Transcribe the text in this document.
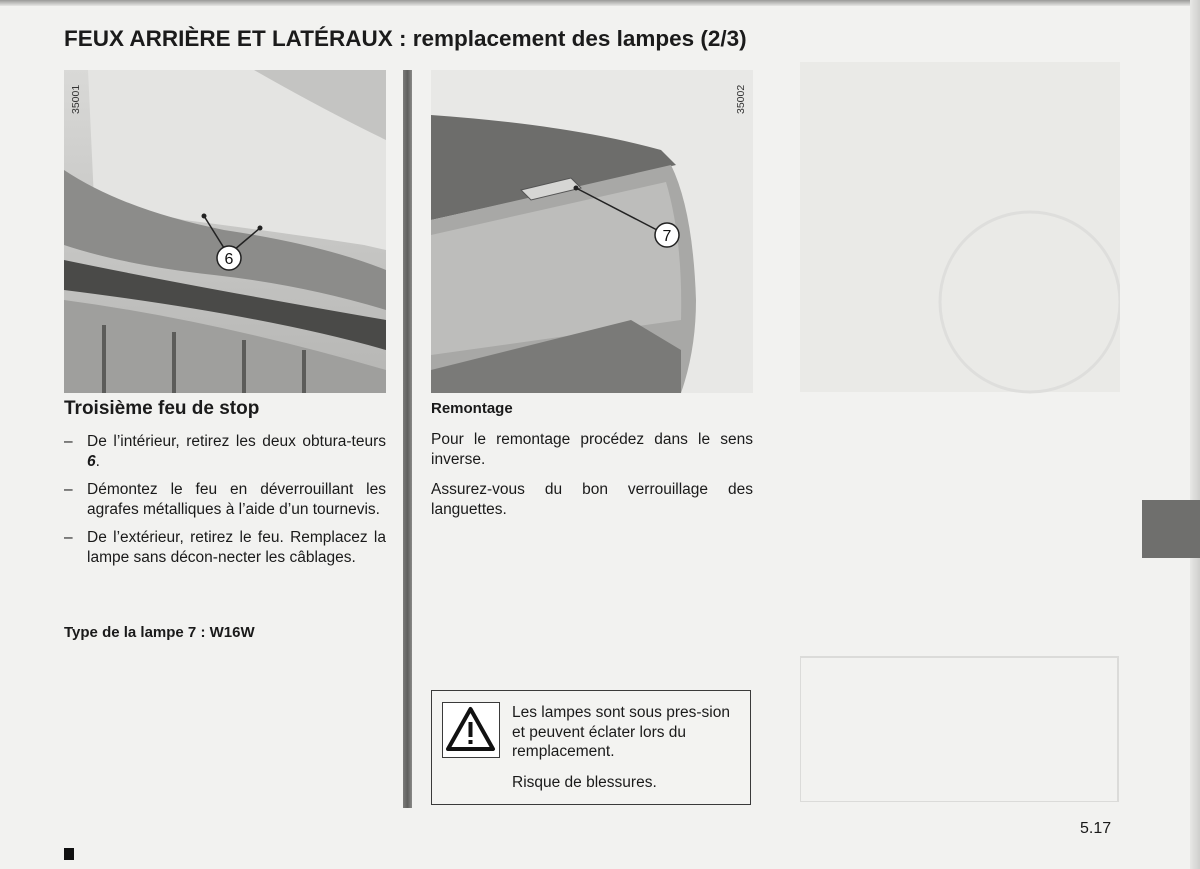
FEUX ARRIÈRE ET LATÉRAUX : remplacement des lampes (2/3)
6
35001
7
35002
Troisième feu de stop
– De l’intérieur, retirez les deux obtura-teurs 6.
– Démontez le feu en déverrouillant les agrafes métalliques à l’aide d’un tournevis.
– De l’extérieur, retirez le feu. Remplacez la lampe sans décon-necter les câblages.

Type de la lampe 7 : W16W

Remontage

Pour le remontage procédez dans le sens inverse.

Assurez-vous du bon verrouillage des languettes.

Les lampes sont sous pres-sion et peuvent éclater lors du remplacement.

Risque de blessures.

5.17
